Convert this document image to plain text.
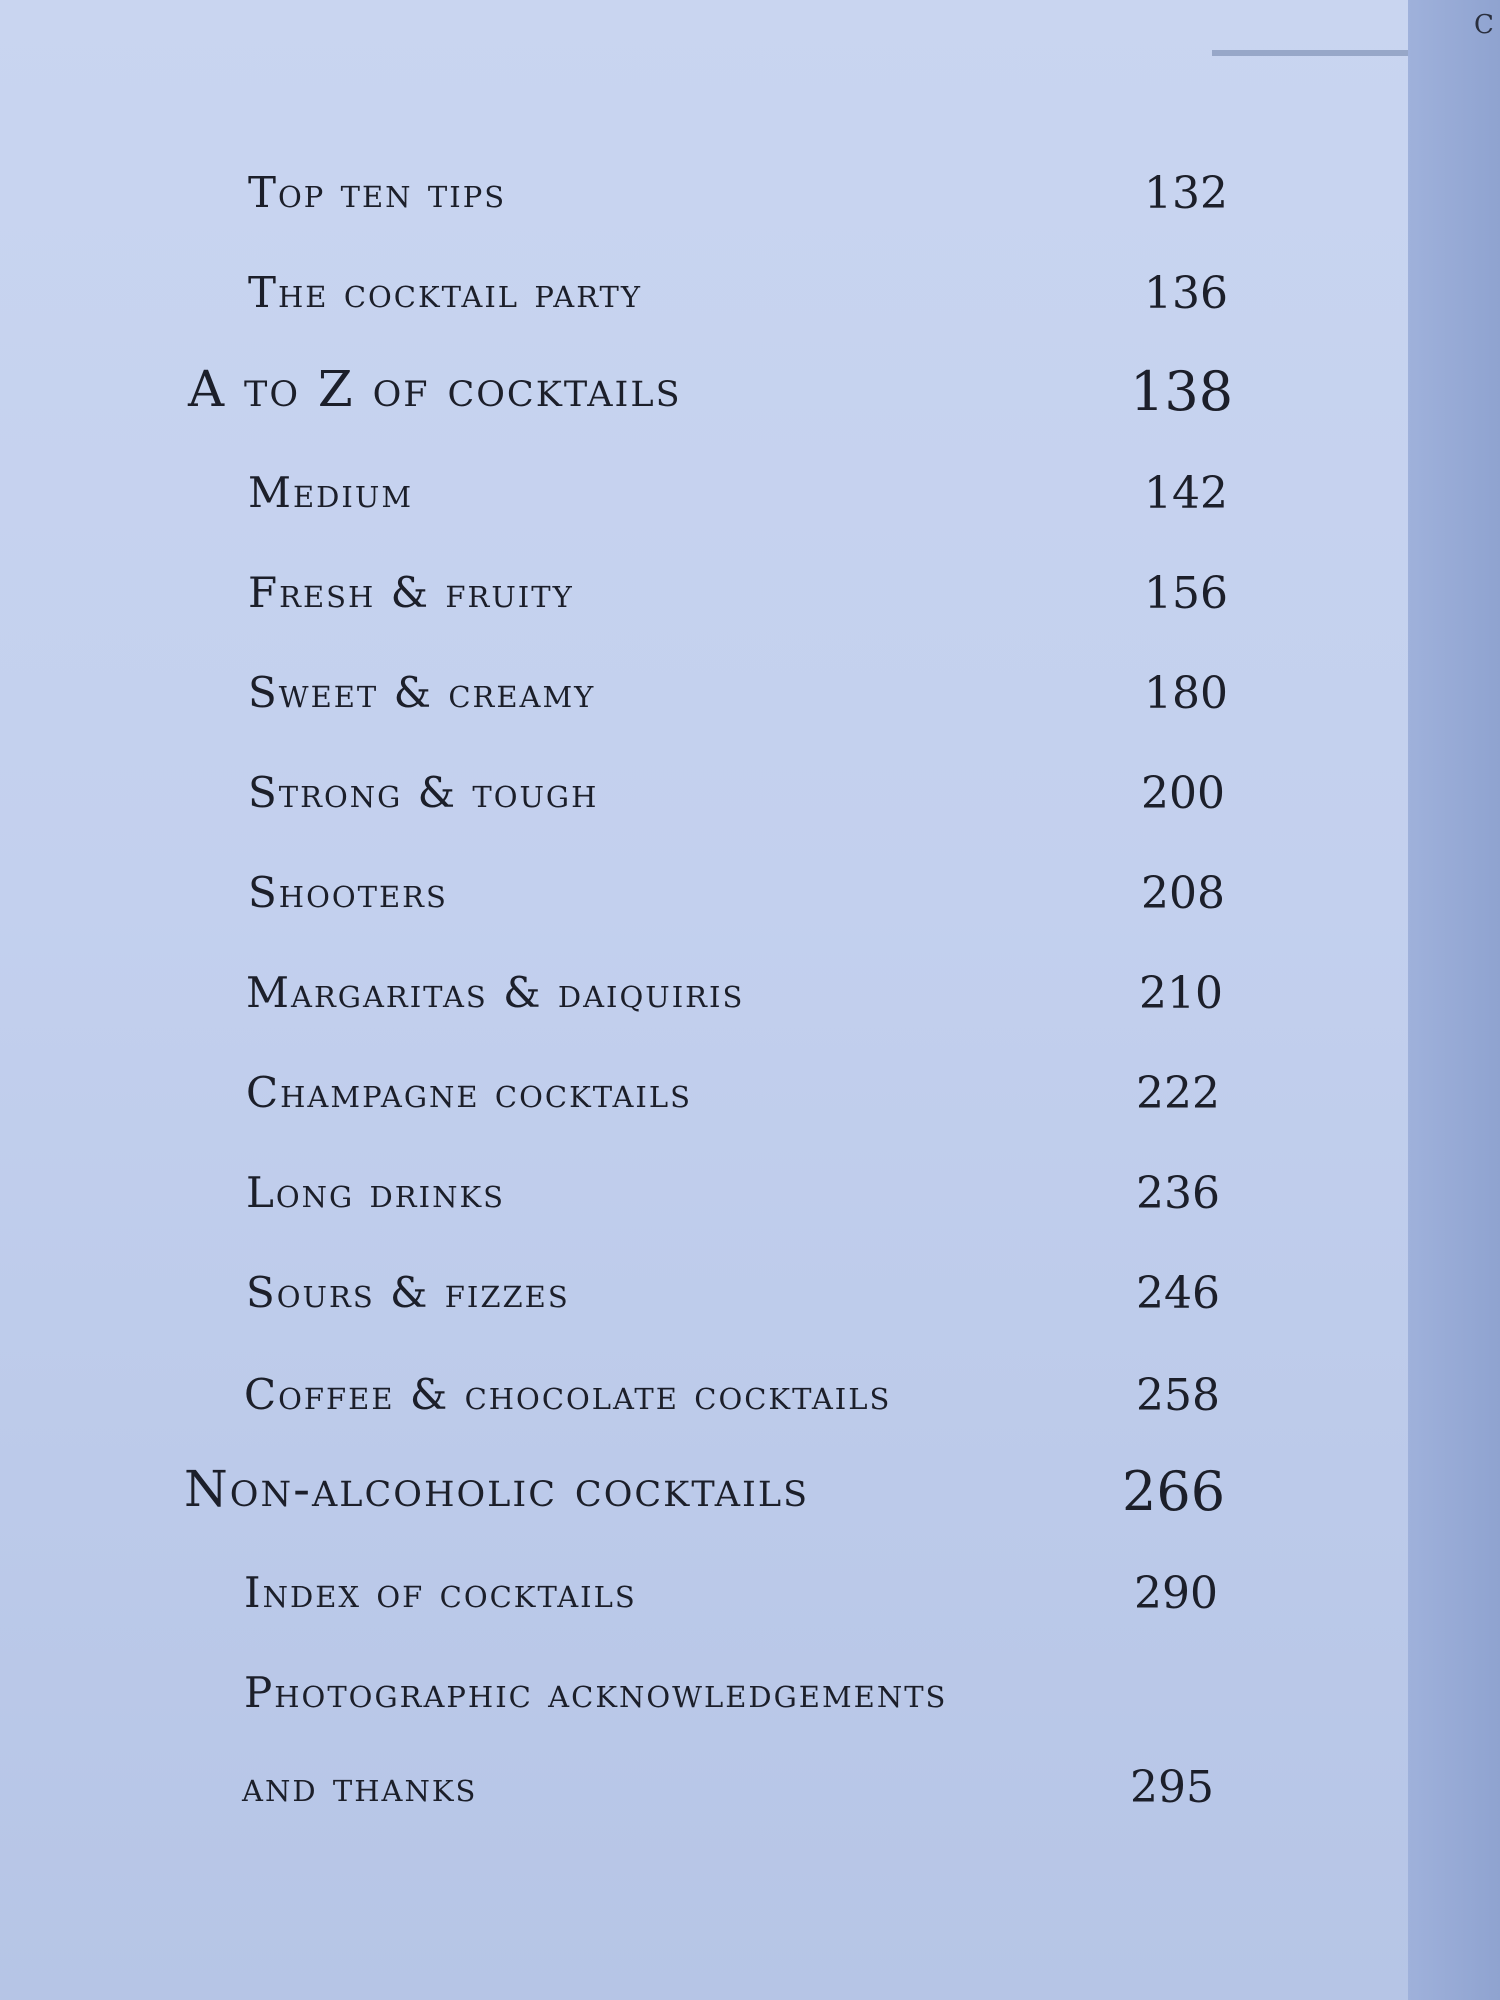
C
Top ten tips	132
The cocktail party	136
A to Z of cocktails	138
Medium	142
Fresh & fruity	156
Sweet & creamy	180
Strong & tough	200
Shooters	208
Margaritas & daiquiris	210
Champagne cocktails	222
Long drinks	236
Sours & fizzes	246
Coffee & chocolate cocktails	258
Non-alcoholic cocktails	266
Index of cocktails	290
Photographic acknowledgements
and thanks	295
